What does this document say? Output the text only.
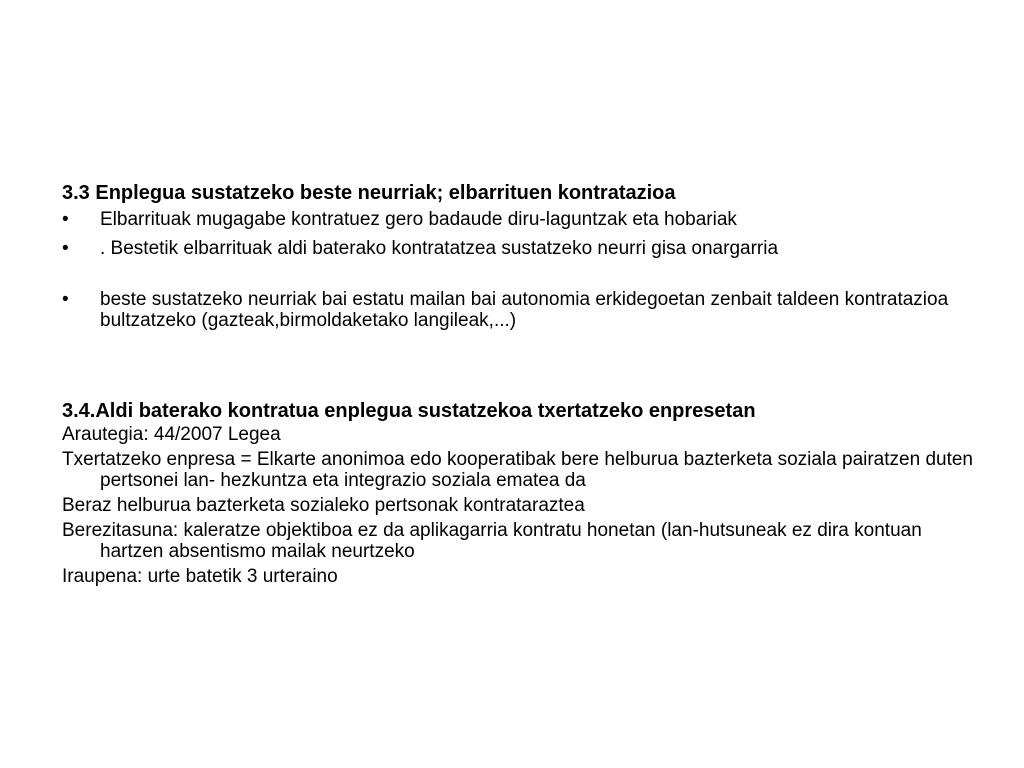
3.3 Enplegua sustatzeko beste neurriak; elbarrituen kontratazioa
• Elbarrituak mugagabe kontratuez gero badaude diru-laguntzak eta hobariak
• . Bestetik elbarrituak aldi baterako kontratatzea sustatzeko neurri gisa onargarria
• beste sustatzeko neurriak bai estatu mailan bai autonomia erkidegoetan zenbait taldeen kontratazioa bultzatzeko (gazteak,birmoldaketako langileak,...)
3.4.Aldi baterako kontratua enplegua sustatzekoa txertatzeko enpresetan
Arautegia: 44/2007 Legea
Txertatzeko enpresa = Elkarte anonimoa edo kooperatibak bere helburua bazterketa soziala pairatzen duten pertsonei lan- hezkuntza eta integrazio soziala ematea da
Beraz helburua bazterketa sozialeko pertsonak kontrataraztea
Berezitasuna: kaleratze objektiboa ez da aplikagarria kontratu honetan (lan-hutsuneak ez dira kontuan hartzen absentismo mailak neurtzeko
Iraupena: urte batetik 3 urteraino
